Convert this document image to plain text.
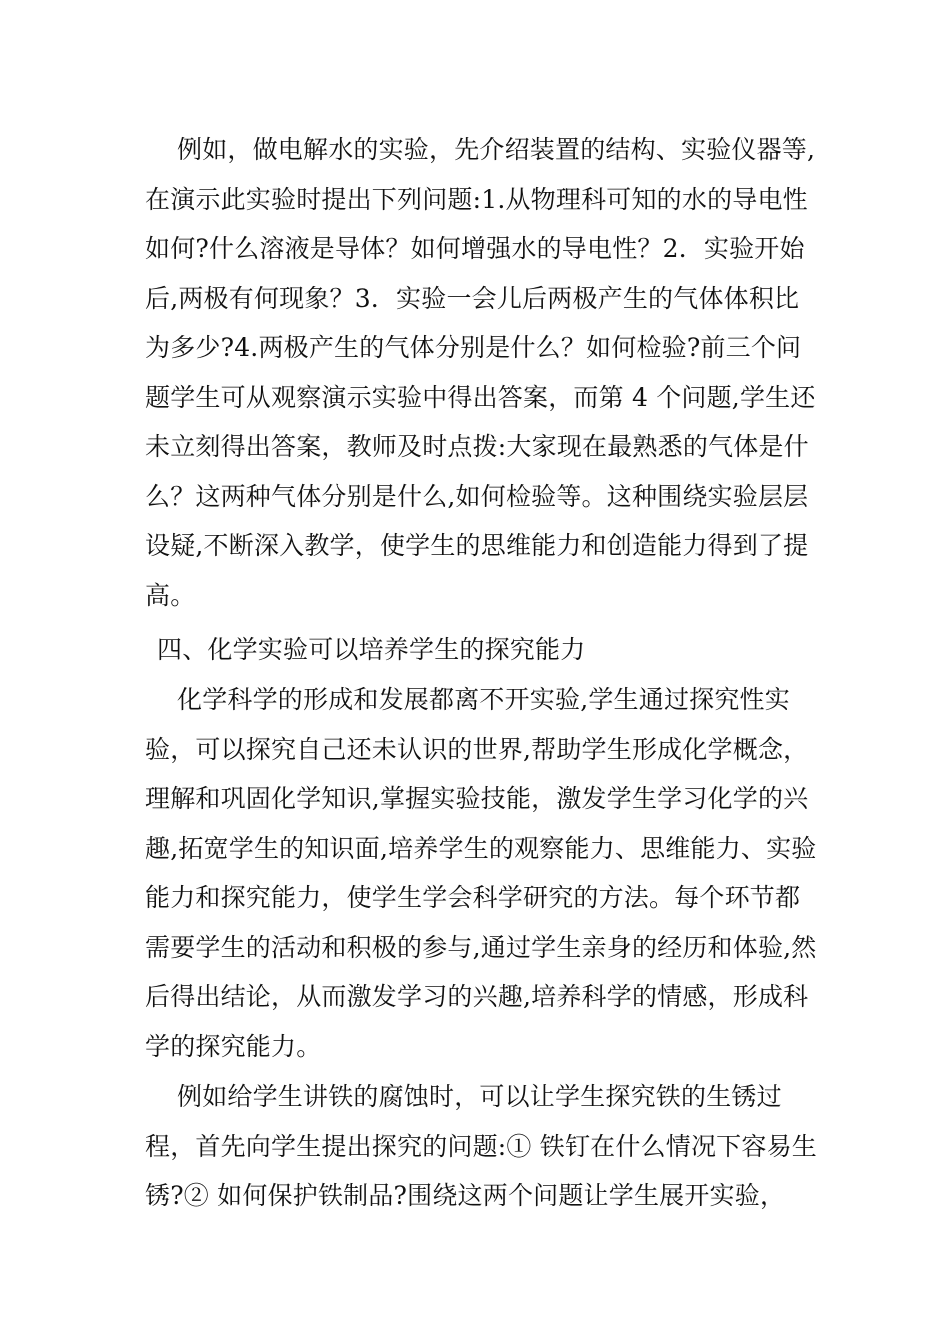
例如，做电解水的实验，先介绍装置的结构、实验仪器等,在演示此实验时提出下列问题:1.从物理科可知的水的导电性如何?什么溶液是导体？如何增强水的导电性？2．实验开始后,两极有何现象？3．实验一会儿后两极产生的气体体积比为多少?4.两极产生的气体分别是什么？如何检验?前三个问题学生可从观察演示实验中得出答案，而第 4 个问题,学生还未立刻得出答案，教师及时点拨:大家现在最熟悉的气体是什么？这两种气体分别是什么,如何检验等。这种围绕实验层层设疑,不断深入教学，使学生的思维能力和创造能力得到了提高。

四、化学实验可以培养学生的探究能力

化学科学的形成和发展都离不开实验,学生通过探究性实验，可以探究自己还未认识的世界,帮助学生形成化学概念，理解和巩固化学知识,掌握实验技能，激发学生学习化学的兴趣,拓宽学生的知识面,培养学生的观察能力、思维能力、实验能力和探究能力，使学生学会科学研究的方法。每个环节都需要学生的活动和积极的参与,通过学生亲身的经历和体验,然后得出结论，从而激发学习的兴趣,培养科学的情感，形成科学的探究能力。

例如给学生讲铁的腐蚀时，可以让学生探究铁的生锈过程，首先向学生提出探究的问题:① 铁钉在什么情况下容易生锈?② 如何保护铁制品?围绕这两个问题让学生展开实验，
